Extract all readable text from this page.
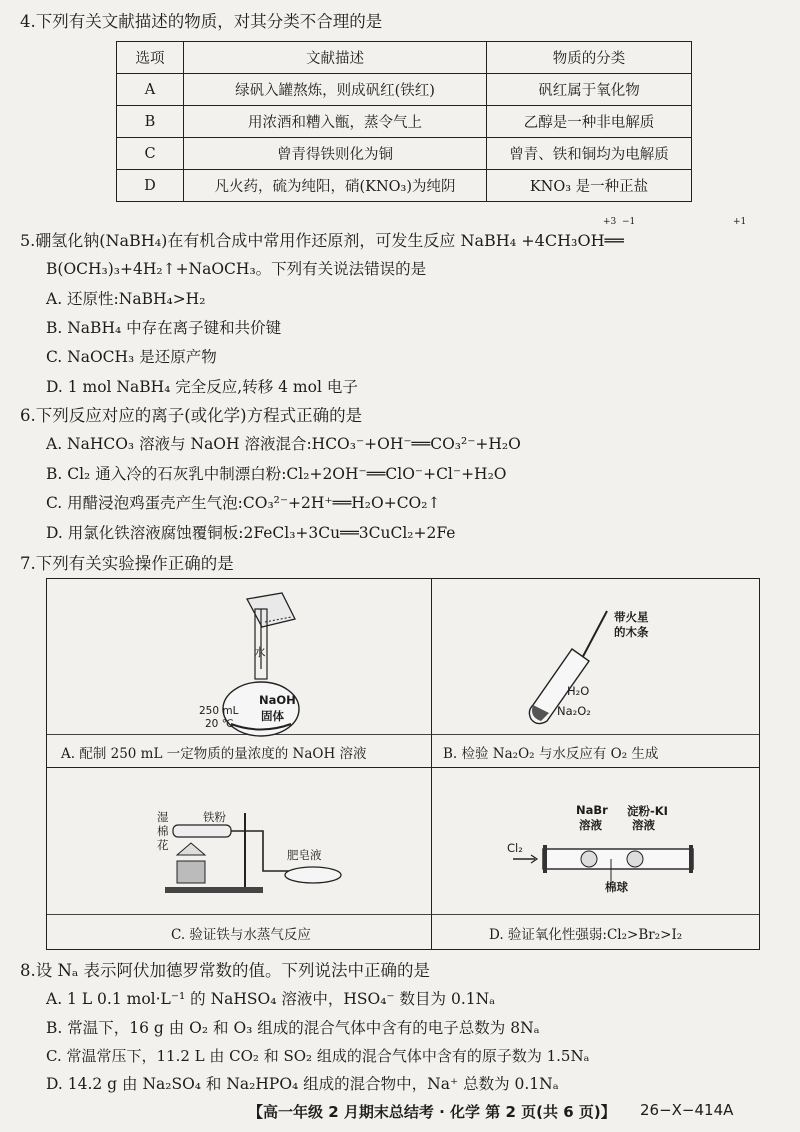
4.下列有关文献描述的物质，对其分类不合理的是
选项	文献描述	物质的分类
A	绿矾入罐熬炼，则成矾红(铁红)	矾红属于氧化物
B	用浓酒和糟入甑，蒸令气上	乙醇是一种非电解质
C	曾青得铁则化为铜	曾青、铁和铜均为电解质
D	凡火药，硫为纯阳，硝(KNO₃)为纯阴	KNO₃ 是一种正盐
+3 −1	+1
5.硼氢化钠(NaBH₄)在有机合成中常用作还原剂，可发生反应 NaBH₄ +4CH₃OH══
B(OCH₃)₃+4H₂↑+NaOCH₃。下列有关说法错误的是
A. 还原性:NaBH₄>H₂
B. NaBH₄ 中存在离子键和共价键
C. NaOCH₃ 是还原产物
D. 1 mol NaBH₄ 完全反应,转移 4 mol 电子
6.下列反应对应的离子(或化学)方程式正确的是
A. NaHCO₃ 溶液与 NaOH 溶液混合:HCO₃⁻+OH⁻══CO₃²⁻+H₂O
B. Cl₂ 通入冷的石灰乳中制漂白粉:Cl₂+2OH⁻══ClO⁻+Cl⁻+H₂O
C. 用醋浸泡鸡蛋壳产生气泡:CO₃²⁻+2H⁺══H₂O+CO₂↑
D. 用氯化铁溶液腐蚀覆铜板:2FeCl₃+3Cu══3CuCl₂+2Fe
7.下列有关实验操作正确的是
水
250 mL
20 ℃
NaOH
固体
A. 配制 250 mL 一定物质的量浓度的 NaOH 溶液
带火星
的木条
H₂O
Na₂O₂
B. 检验 Na₂O₂ 与水反应有 O₂ 生成
湿
棉
花
铁粉
肥皂液
C. 验证铁与水蒸气反应
Cl₂
NaBr
溶液
淀粉-KI
溶液
棉球
D. 验证氧化性强弱:Cl₂>Br₂>I₂
8.设 Nₐ 表示阿伏加德罗常数的值。下列说法中正确的是
A. 1 L 0.1 mol·L⁻¹ 的 NaHSO₄ 溶液中，HSO₄⁻ 数目为 0.1Nₐ
B. 常温下，16 g 由 O₂ 和 O₃ 组成的混合气体中含有的电子总数为 8Nₐ
C. 常温常压下，11.2 L 由 CO₂ 和 SO₂ 组成的混合气体中含有的原子数为 1.5Nₐ
D. 14.2 g 由 Na₂SO₄ 和 Na₂HPO₄ 组成的混合物中，Na⁺ 总数为 0.1Nₐ
【高一年级 2 月期末总结考 · 化学 第 2 页(共 6 页)】 26−X−414A
